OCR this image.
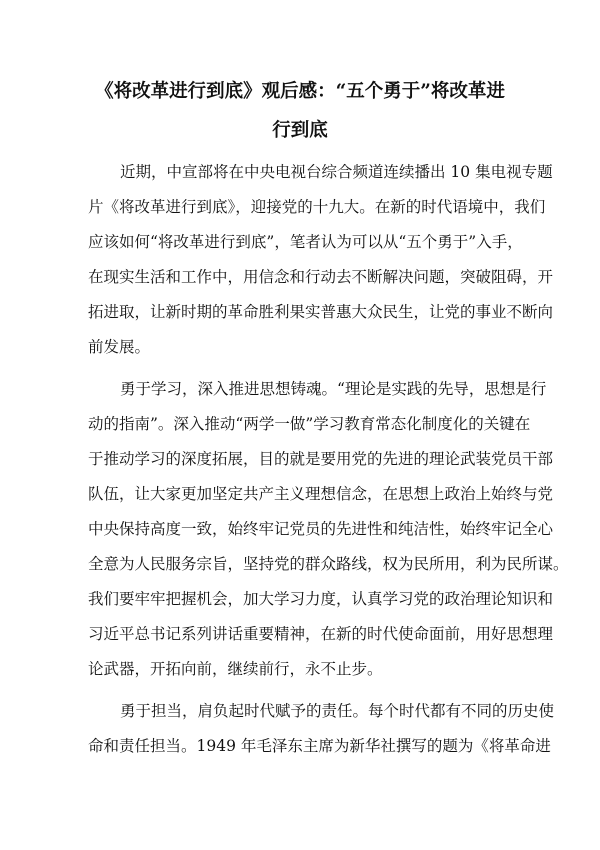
《将改革进行到底》观后感：“五个勇于”将改革进
行到底
近期，中宣部将在中央电视台综合频道连续播出 10 集电视专题
片《将改革进行到底》，迎接党的十九大。在新的时代语境中，我们
应该如何“将改革进行到底”，笔者认为可以从“五个勇于”入手，
在现实生活和工作中，用信念和行动去不断解决问题，突破阻碍，开
拓进取，让新时期的革命胜利果实普惠大众民生，让党的事业不断向
前发展。
勇于学习，深入推进思想铸魂。“理论是实践的先导，思想是行
动的指南”。深入推动“两学一做”学习教育常态化制度化的关键在
于推动学习的深度拓展，目的就是要用党的先进的理论武装党员干部
队伍，让大家更加坚定共产主义理想信念，在思想上政治上始终与党
中央保持高度一致，始终牢记党员的先进性和纯洁性，始终牢记全心
全意为人民服务宗旨，坚持党的群众路线，权为民所用，利为民所谋。
我们要牢牢把握机会，加大学习力度，认真学习党的政治理论知识和
习近平总书记系列讲话重要精神，在新的时代使命面前，用好思想理
论武器，开拓向前，继续前行，永不止步。
勇于担当，肩负起时代赋予的责任。每个时代都有不同的历史使
命和责任担当。1949 年毛泽东主席为新华社撰写的题为《将革命进
